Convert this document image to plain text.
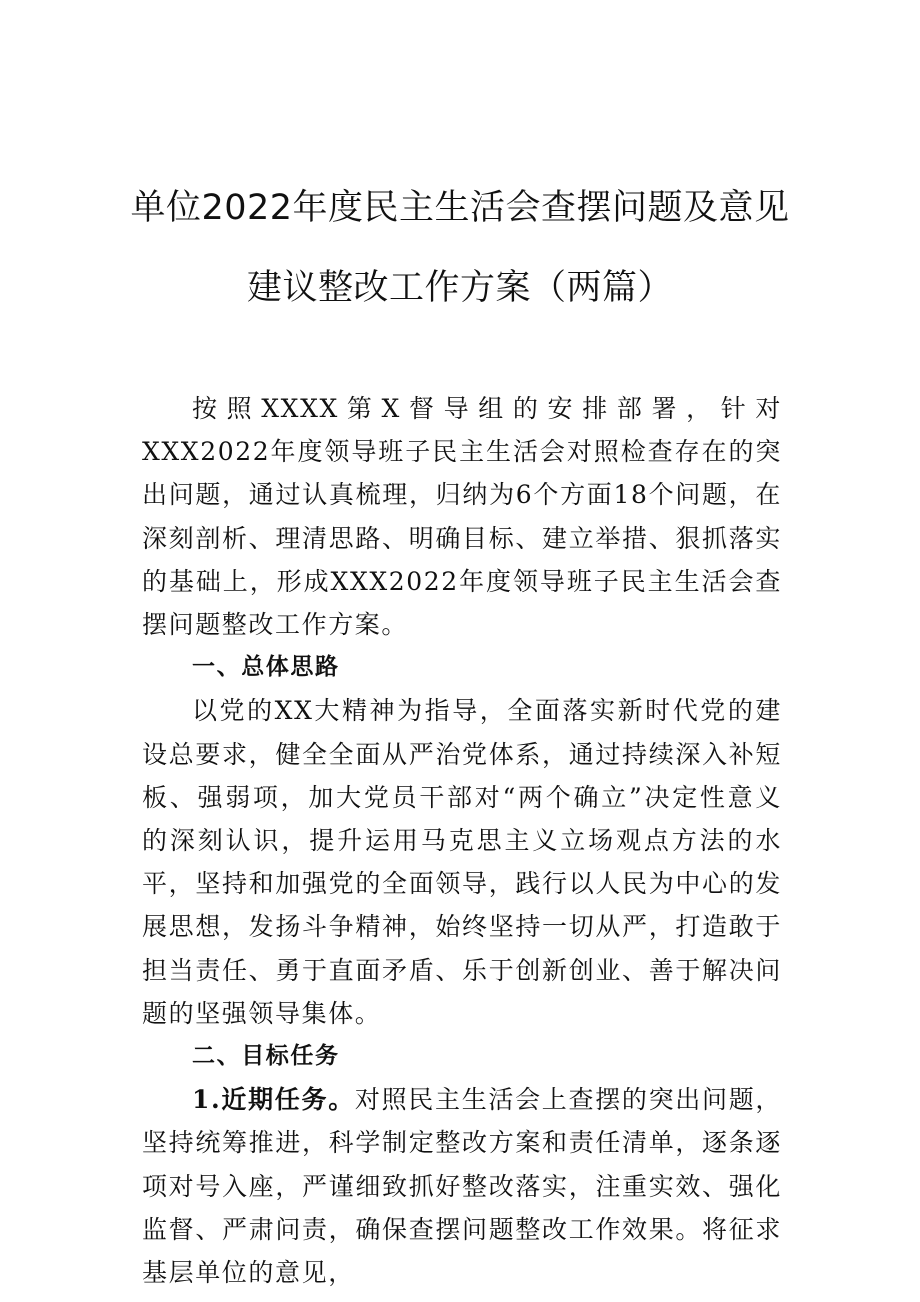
单位2022年度民主生活会查摆问题及意见
建议整改工作方案（两篇）

按照XXXX第X督导组的安排部署，针对XXX2022年度领导班子民主生活会对照检查存在的突出问题，通过认真梳理，归纳为6个方面18个问题，在深刻剖析、理清思路、明确目标、建立举措、狠抓落实的基础上，形成XXX2022年度领导班子民主生活会查摆问题整改工作方案。

一、总体思路

以党的XX大精神为指导，全面落实新时代党的建设总要求，健全全面从严治党体系，通过持续深入补短板、强弱项，加大党员干部对“两个确立”决定性意义的深刻认识，提升运用马克思主义立场观点方法的水平，坚持和加强党的全面领导，践行以人民为中心的发展思想，发扬斗争精神，始终坚持一切从严，打造敢于担当责任、勇于直面矛盾、乐于创新创业、善于解决问题的坚强领导集体。

二、目标任务

1.近期任务。对照民主生活会上查摆的突出问题，坚持统筹推进，科学制定整改方案和责任清单，逐条逐项对号入座，严谨细致抓好整改落实，注重实效、强化监督、严肃问责，确保查摆问题整改工作效果。将征求基层单位的意见，
